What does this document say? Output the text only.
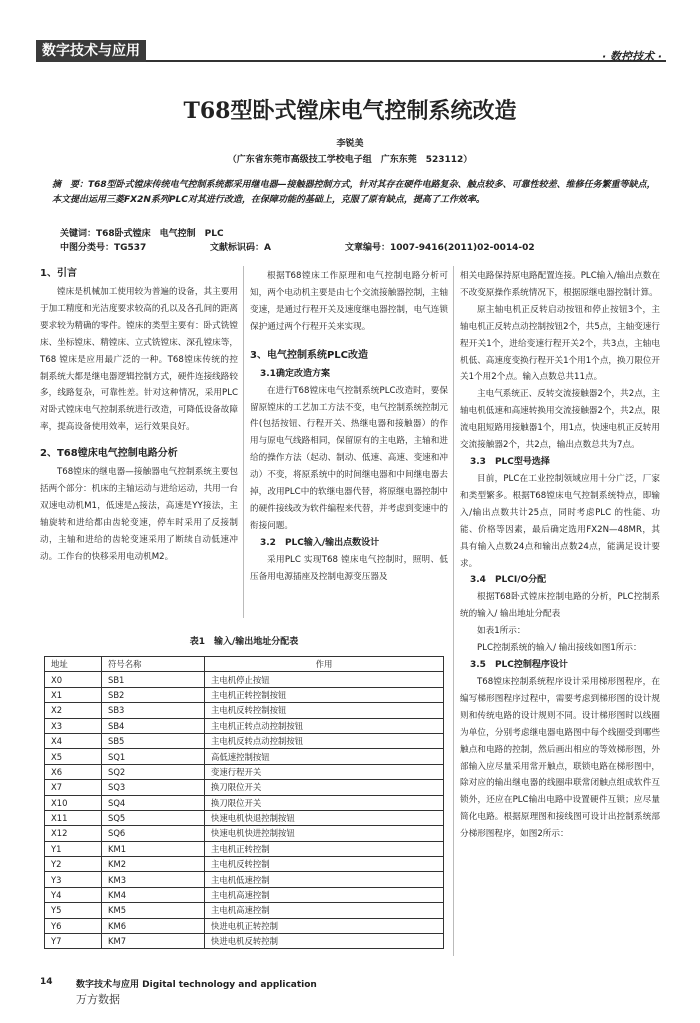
数字技术与应用	· 数控技术 ·
T68型卧式镗床电气控制系统改造
李锐美
（广东省东莞市高级技工学校电子组　广东东莞　523112）
摘　要：T68型卧式镗床传统电气控制系统都采用继电器—接触器控制方式，针对其存在硬件电路复杂、触点较多、可靠性较差、维修任务繁重等缺点，本文提出运用三菱FX2N系列PLC对其进行改造，在保障功能的基础上，克服了原有缺点，提高了工作效率。
关键词：T68卧式镗床　电气控制　PLC
中图分类号：TG537	文献标识码：A	文章编号：1007-9416(2011)02-0014-02
1、引言

镗床是机械加工使用较为普遍的设备，其主要用于加工精度和光洁度要求较高的孔以及各孔间的距离要求较为精确的零件。镗床的类型主要有：卧式铣镗床、坐标镗床、精镗床、立式铣镗床、深孔镗床等，T68 镗床是应用最广泛的一种。T68镗床传统的控制系统大都是继电器逻辑控制方式，硬件连接线路较多，线路复杂，可靠性差。针对这种情况，采用PLC对卧式镗床电气控制系统进行改造，可降低设备故障率，提高设备使用效率，运行效果良好。

2、T68镗床电气控制电路分析

T68镗床的继电器—接触器电气控制系统主要包括两个部分：机床的主轴运动与进给运动，共用一台双速电动机M1，低速是△接法，高速是YY接法，主轴旋转和进给都由齿轮变速，停车时采用了反接制动，主轴和进给的齿轮变速采用了断续自动低速冲动。工作台的快移采用电动机M2。

根据T68镗床工作原理和电气控制电路分析可知，两个电动机主要是由七个交流接触器控制，主轴变速，是通过行程开关及速度继电器控制，电气连锁保护通过两个行程开关来实现。

3、电气控制系统PLC改造
3.1确定改造方案

在进行T68镗床电气控制系统PLC改造时，要保留原镗床的工艺加工方法不变，电气控制系统控制元件(包括按钮、行程开关、热继电器和接触器）的作用与原电气线路相同，保留原有的主电路，主轴和进给的操作方法（起动、制动、低速、高速、变速和冲动）不变，将原系统中的时间继电器和中间继电器去掉，改用PLC中的软继电器代替，将原继电器控制中的硬件接线改为软件编程来代替，并考虑到变速中的衔接问题。

3.2　PLC输入/输出点数设计

采用PLC 实现T68 镗床电气控制时，照明、低压备用电源插座及控制电源变压器及

相关电路保持原电路配置连接。PLC输入/输出点数在不改变原操作系统情况下，根据原继电器控制计算。

原主轴电机正反转启动按钮和停止按钮3个，主轴电机正反转点动控制按钮2个，共5点，主轴变速行程开关1个，进给变速行程开关2个，共3点，主轴电机低、高速度变换行程开关1个用1个点，换刀限位开关1个用2个点。输入点数总共11点。

主电气系统正、反转交流接触器2个，共2点，主轴电机低速和高速转换用交流接触器2个，共2点，限流电阻短路用接触器1个，用1点，快速电机正反转用交流接触器2个，共2点，输出点数总共为7点。

3.3　PLC型号选择

目前，PLC在工业控制领域应用十分广泛，厂家和类型繁多。根据T68镗床电气控制系统特点，即输入/输出点数共计25点，同时考虑PLC 的性能、功能、价格等因素，最后确定选用FX2N—48MR，其具有输入点数24点和输出点数24点，能满足设计要求。

3.4　PLCI/O分配

根据T68卧式镗床控制电路的分析，PLC控制系统的输入/ 输出地址分配表

如表1所示：

PLC控制系统的输入/ 输出接线如图1所示：

3.5　PLC控制程序设计

T68镗床控制系统程序设计采用梯形图程序，在编写梯形图程序过程中，需要考虑到梯形图的设计规则和传统电路的设计规则不同。设计梯形图时以线圈为单位，分别考虑继电器电路图中每个线圈受到哪些触点和电路的控制，然后画出相应的等效梯形图，外部输入应尽量采用常开触点，联锁电路在梯形图中，除对应的输出继电器的线圈串联常闭触点组成软件互锁外，还应在PLC输出电路中设置硬件互锁；应尽量简化电路。根据原理图和接线图可设计出控制系统部分梯形图程序，如图2所示：

表1　输入/输出地址分配表
地址	符号名称	作用
X0	SB1	主电机停止按钮
X1	SB2	主电机正转控制按钮
X2	SB3	主电机反转控制按钮
X3	SB4	主电机正转点动控制按钮
X4	SB5	主电机反转点动控制按钮
X5	SQ1	高低速控制按钮
X6	SQ2	变速行程开关
X7	SQ3	换刀限位开关
X10	SQ4	换刀限位开关
X11	SQ5	快速电机快退控制按钮
X12	SQ6	快速电机快进控制按钮
Y1	KM1	主电机正转控制
Y2	KM2	主电机反转控制
Y3	KM3	主电机低速控制
Y4	KM4	主电机高速控制
Y5	KM5	主电机高速控制
Y6	KM6	快进电机正转控制
Y7	KM7	快进电机反转控制
14	数字技术与应用 Digital technology and application
万方数据
